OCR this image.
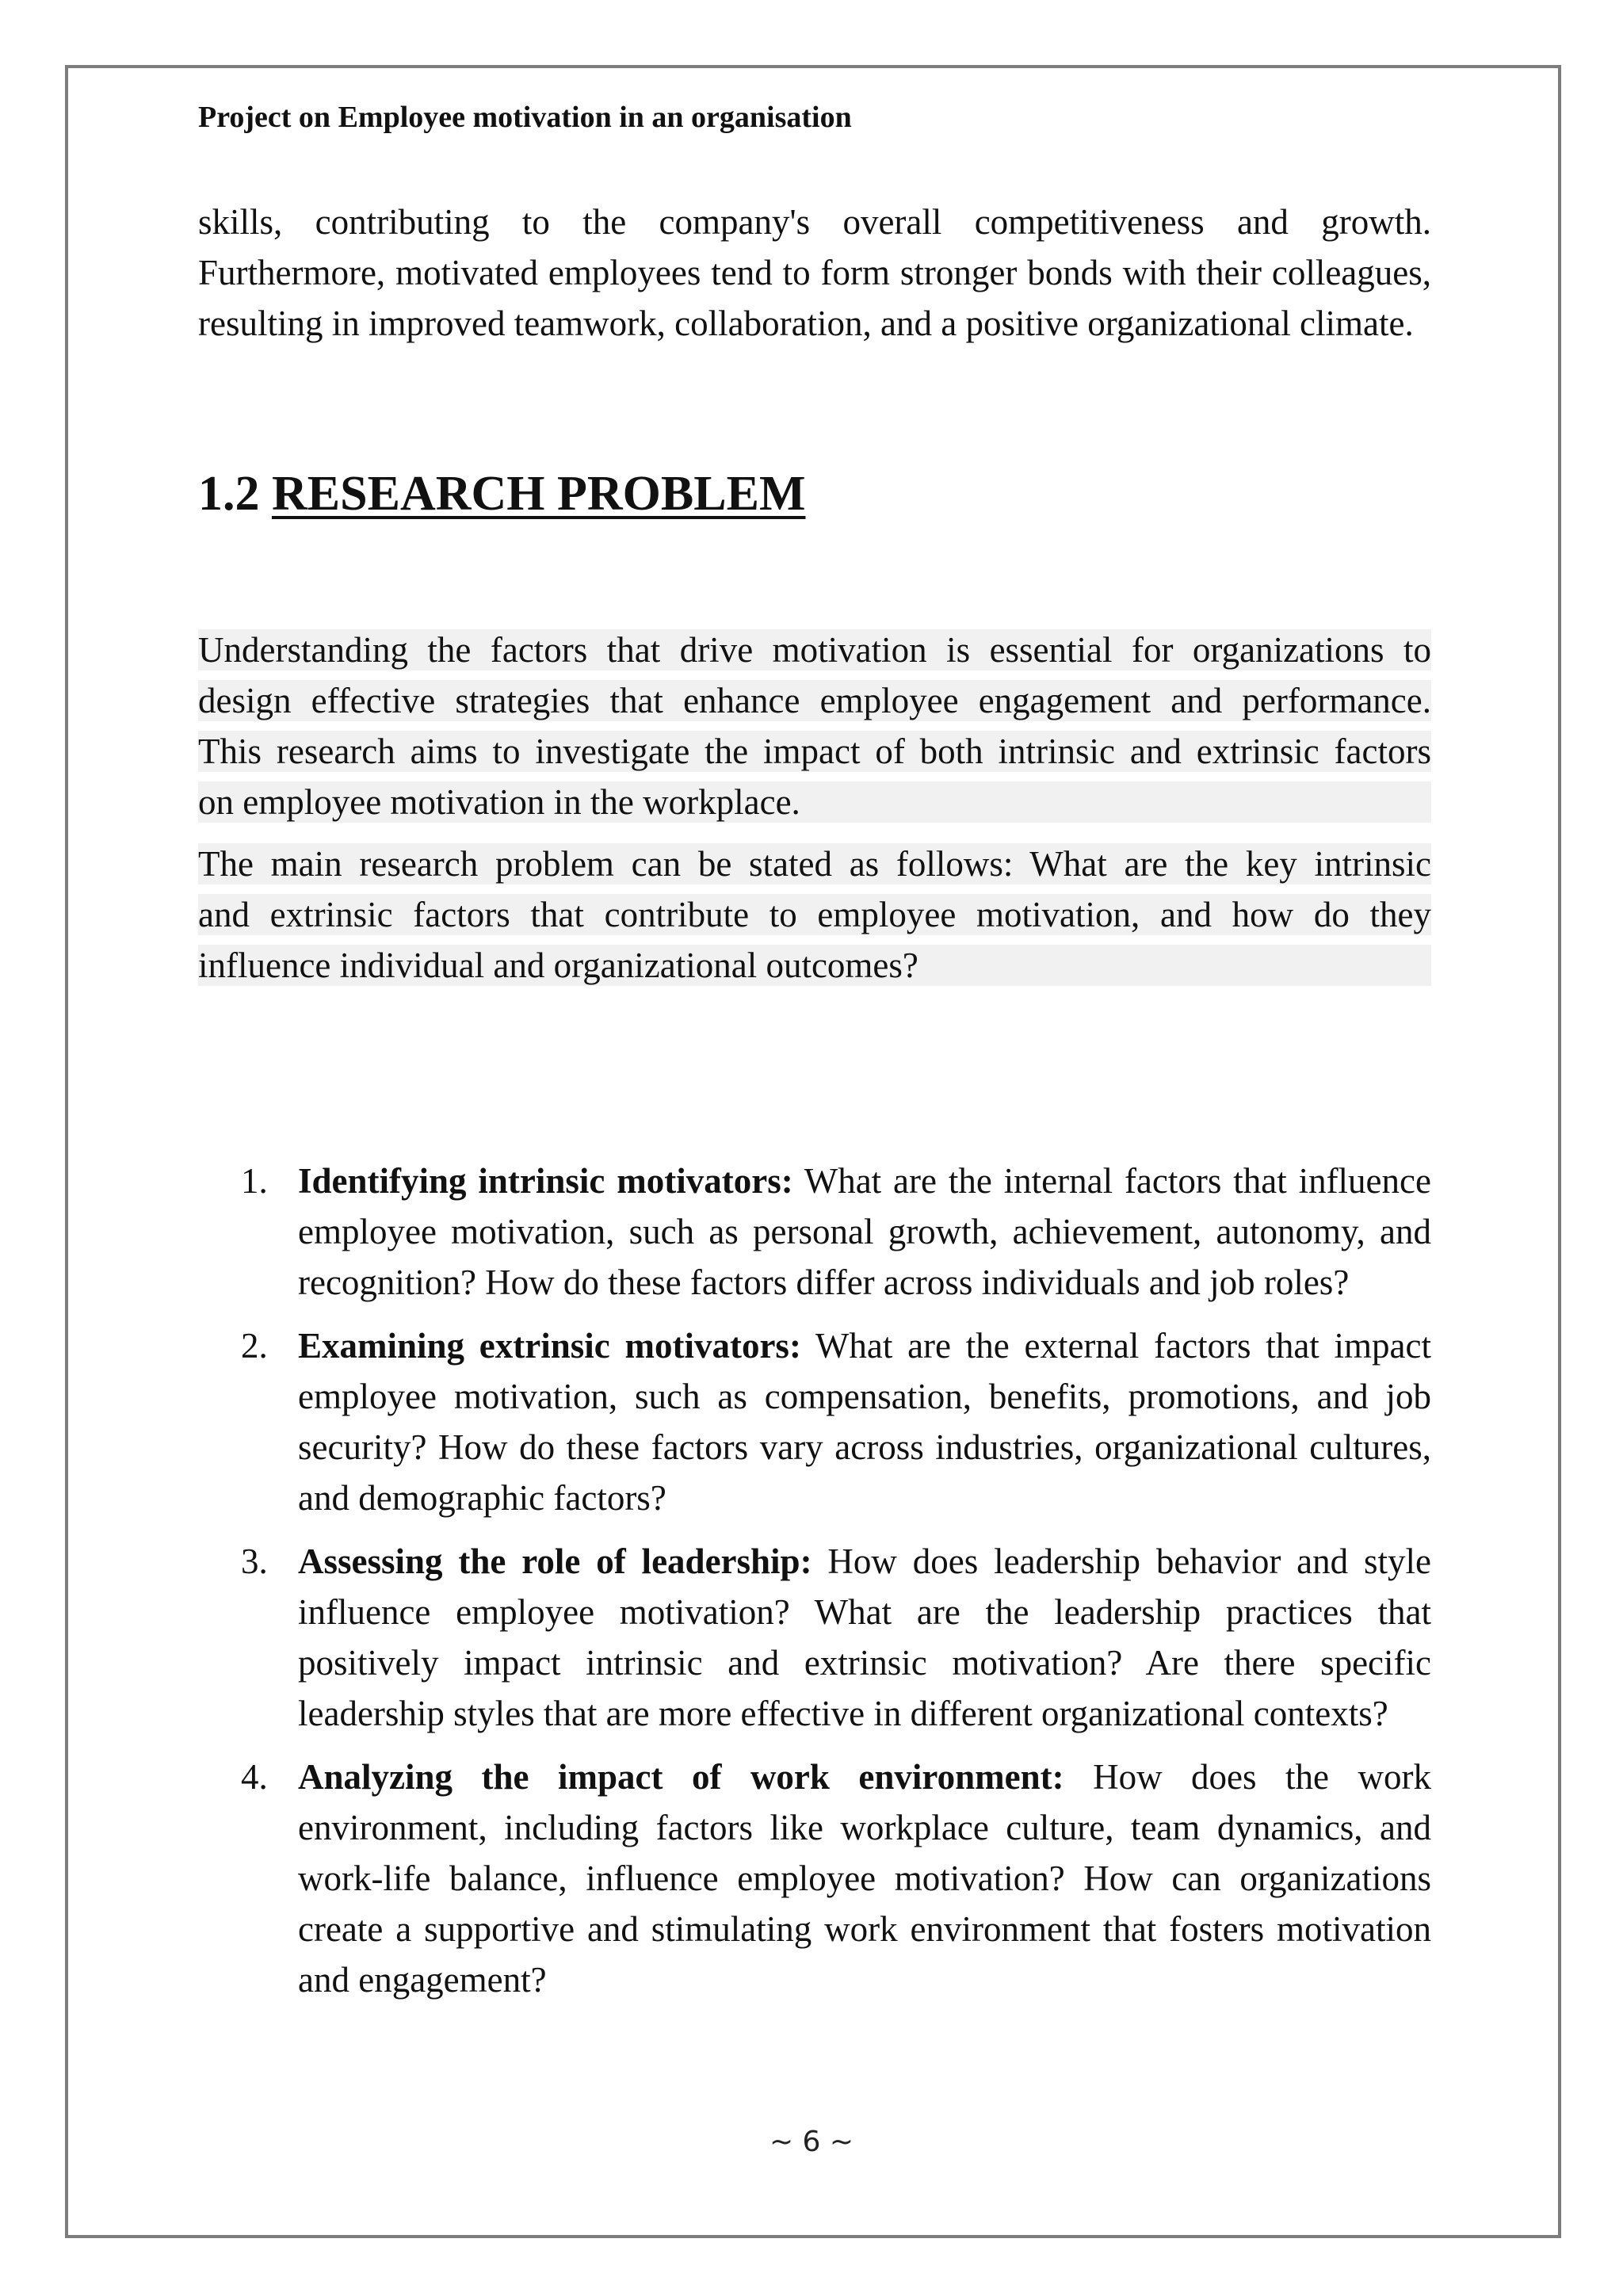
Project on Employee motivation in an organisation

skills, contributing to the company's overall competitiveness and growth. Furthermore, motivated employees tend to form stronger bonds with their colleagues, resulting in improved teamwork, collaboration, and a positive organizational climate.

1.2 RESEARCH PROBLEM
Understanding the factors that drive motivation is essential for organizations to
design effective strategies that enhance employee engagement and performance.
This research aims to investigate the impact of both intrinsic and extrinsic factors
on employee motivation in the workplace.
The main research problem can be stated as follows: What are the key intrinsic
and extrinsic factors that contribute to employee motivation, and how do they
influence individual and organizational outcomes?
1. Identifying intrinsic motivators: What are the internal factors that influence employee motivation, such as personal growth, achievement, autonomy, and recognition? How do these factors differ across individuals and job roles?
2. Examining extrinsic motivators: What are the external factors that impact employee motivation, such as compensation, benefits, promotions, and job security? How do these factors vary across industries, organizational cultures, and demographic factors?
3. Assessing the role of leadership: How does leadership behavior and style influence employee motivation? What are the leadership practices that positively impact intrinsic and extrinsic motivation? Are there specific leadership styles that are more effective in different organizational contexts?
4. Analyzing the impact of work environment: How does the work environment, including factors like workplace culture, team dynamics, and work-life balance, influence employee motivation? How can organizations create a supportive and stimulating work environment that fosters motivation and engagement?
~ 6 ~
